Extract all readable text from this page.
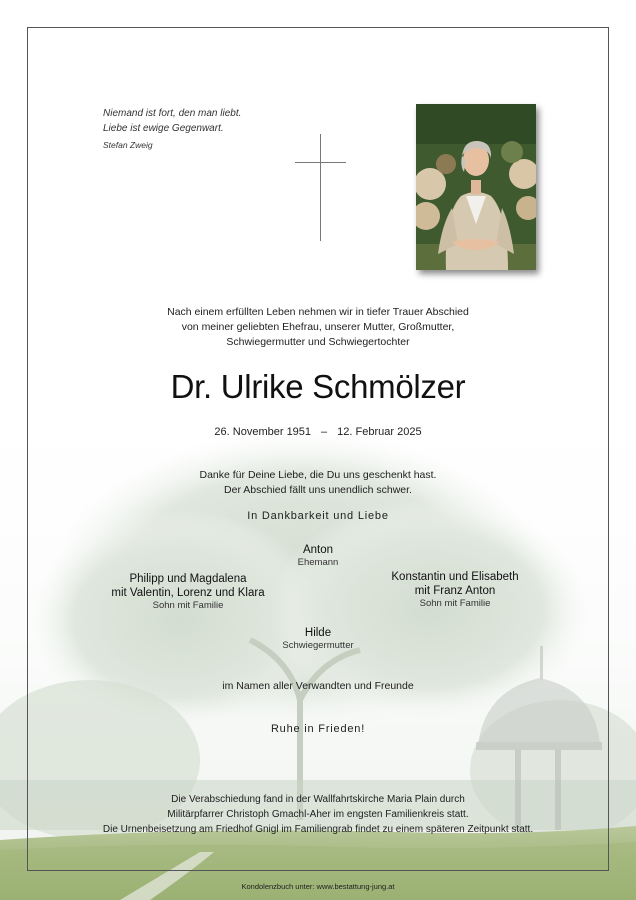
Niemand ist fort, den man liebt.
Liebe ist ewige Gegenwart.
Stefan Zweig
Nach einem erfüllten Leben nehmen wir in tiefer Trauer Abschied
von meiner geliebten Ehefrau, unserer Mutter, Großmutter,
Schwiegermutter und Schwiegertochter
Dr. Ulrike Schmölzer
26. November 1951 – 12. Februar 2025
Danke für Deine Liebe, die Du uns geschenkt hast.
Der Abschied fällt uns unendlich schwer.
In Dankbarkeit und Liebe
Anton
Ehemann
Philipp und Magdalena
mit Valentin, Lorenz und Klara
Sohn mit Familie
Konstantin und Elisabeth
mit Franz Anton
Sohn mit Familie
Hilde
Schwiegermutter
im Namen aller Verwandten und Freunde
Ruhe in Frieden!
Die Verabschiedung fand in der Wallfahrtskirche Maria Plain durch
Militärpfarrer Christoph Gmachl-Aher im engsten Familienkreis statt.
Die Urnenbeisetzung am Friedhof Gnigl im Familiengrab findet zu einem späteren Zeitpunkt statt.
Kondolenzbuch unter: www.bestattung-jung.at
